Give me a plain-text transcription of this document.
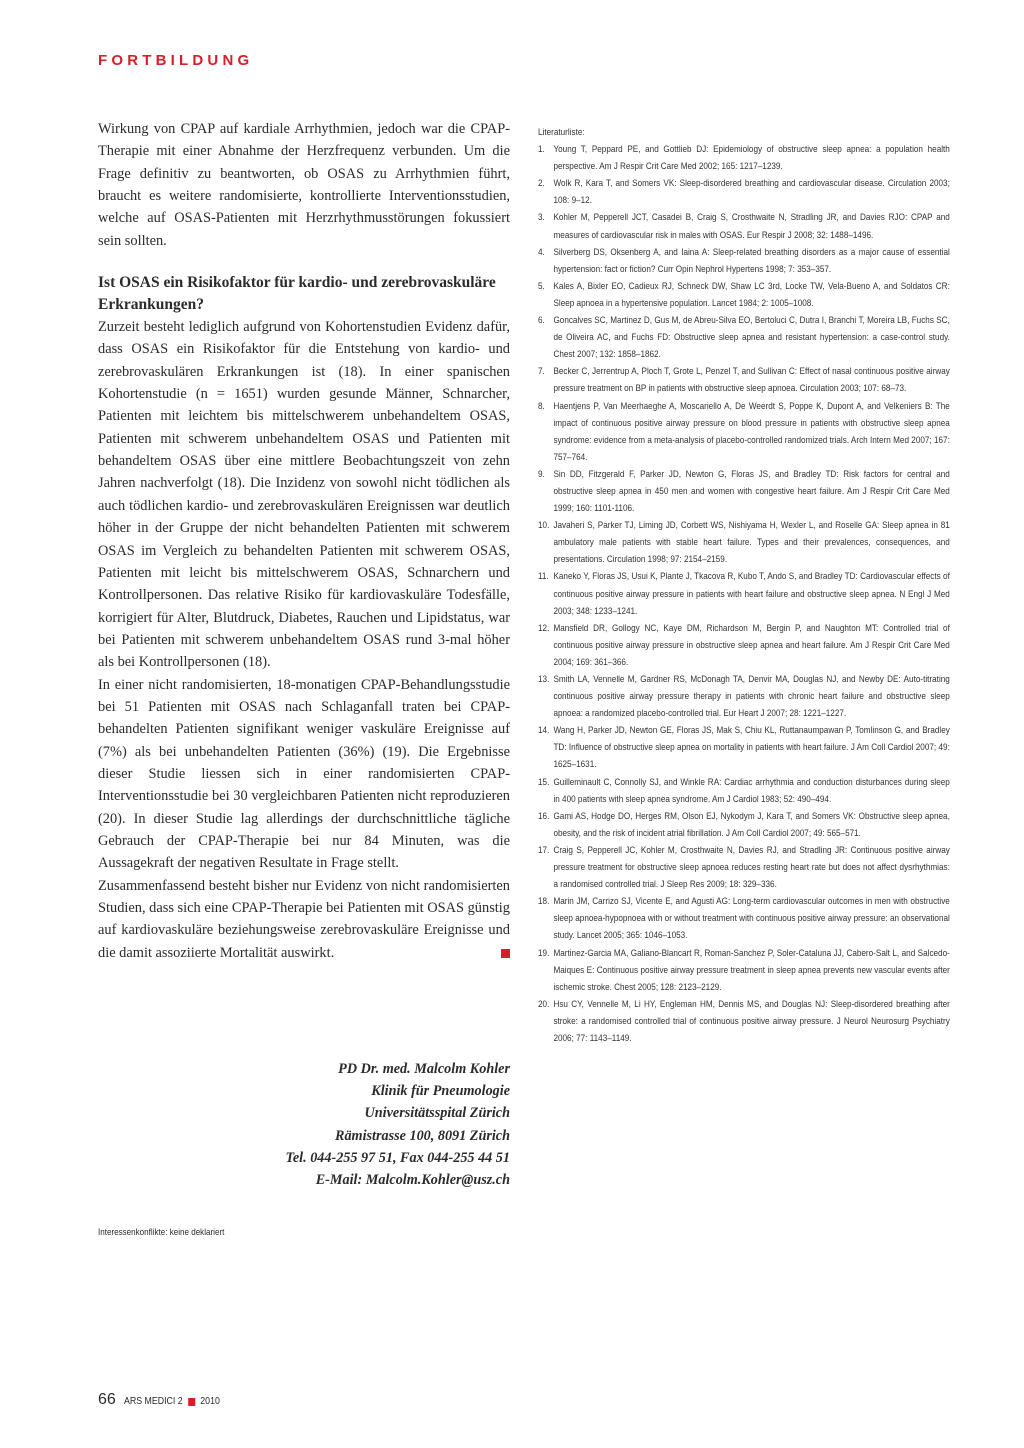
FORTBILDUNG

Wirkung von CPAP auf kardiale Arrhythmien, jedoch war die CPAP-Therapie mit einer Abnahme der Herzfrequenz verbunden. Um die Frage definitiv zu beantworten, ob OSAS zu Arrhythmien führt, braucht es weitere randomisierte, kontrollierte Interventionsstudien, welche auf OSAS-Patienten mit Herzrhythmusstörungen fokussiert sein sollten.

Ist OSAS ein Risikofaktor für kardio- und zerebrovaskuläre Erkrankungen?

Zurzeit besteht lediglich aufgrund von Kohortenstudien Evidenz dafür, dass OSAS ein Risikofaktor für die Entstehung von kardio- und zerebrovaskulären Erkrankungen ist (18). In einer spanischen Kohortenstudie (n = 1651) wurden gesunde Männer, Schnarcher, Patienten mit leichtem bis mittelschwerem unbehandeltem OSAS, Patienten mit schwerem unbehandeltem OSAS und Patienten mit behandeltem OSAS über eine mittlere Beobachtungszeit von zehn Jahren nachverfolgt (18). Die Inzidenz von sowohl nicht tödlichen als auch tödlichen kardio- und zerebrovaskulären Ereignissen war deutlich höher in der Gruppe der nicht behandelten Patienten mit schwerem OSAS im Vergleich zu behandelten Patienten mit schwerem OSAS, Patienten mit leicht bis mittelschwerem OSAS, Schnarchern und Kontrollpersonen. Das relative Risiko für kardiovaskuläre Todesfälle, korrigiert für Alter, Blutdruck, Diabetes, Rauchen und Lipidstatus, war bei Patienten mit schwerem unbehandeltem OSAS rund 3-mal höher als bei Kontrollpersonen (18).

In einer nicht randomisierten, 18-monatigen CPAP-Behandlungsstudie bei 51 Patienten mit OSAS nach Schlaganfall traten bei CPAP-behandelten Patienten signifikant weniger vaskuläre Ereignisse auf (7%) als bei unbehandelten Patienten (36%) (19). Die Ergebnisse dieser Studie liessen sich in einer randomisierten CPAP-Interventionsstudie bei 30 vergleichbaren Patienten nicht reproduzieren (20). In dieser Studie lag allerdings der durchschnittliche tägliche Gebrauch der CPAP-Therapie bei nur 84 Minuten, was die Aussagekraft der negativen Resultate in Frage stellt.

Zusammenfassend besteht bisher nur Evidenz von nicht randomisierten Studien, dass sich eine CPAP-Therapie bei Patienten mit OSAS günstig auf kardiovaskuläre beziehungsweise zerebrovaskuläre Ereignisse und die damit assoziierte Mortalität auswirkt.

PD Dr. med. Malcolm Kohler
Klinik für Pneumologie
Universitätsspital Zürich
Rämistrasse 100, 8091 Zürich
Tel. 044-255 97 51, Fax 044-255 44 51
E-Mail: Malcolm.Kohler@usz.ch
Interessenkonflikte: keine deklariert
Literaturliste:
1. Young T, Peppard PE, and Gottlieb DJ: Epidemiology of obstructive sleep apnea: a population health perspective. Am J Respir Crit Care Med 2002; 165: 1217–1239.
2. Wolk R, Kara T, and Somers VK: Sleep-disordered breathing and cardiovascular disease. Circulation 2003; 108: 9–12.
3. Kohler M, Pepperell JCT, Casadei B, Craig S, Crosthwaite N, Stradling JR, and Davies RJO: CPAP and measures of cardiovascular risk in males with OSAS. Eur Respir J 2008; 32: 1488–1496.
4. Silverberg DS, Oksenberg A, and Iaina A: Sleep-related breathing disorders as a major cause of essential hypertension: fact or fiction? Curr Opin Nephrol Hypertens 1998; 7: 353–357.
5. Kales A, Bixler EO, Cadieux RJ, Schneck DW, Shaw LC 3rd, Locke TW, Vela-Bueno A, and Soldatos CR: Sleep apnoea in a hypertensive population. Lancet 1984; 2: 1005–1008.
6. Goncalves SC, Martinez D, Gus M, de Abreu-Silva EO, Bertoluci C, Dutra I, Branchi T, Moreira LB, Fuchs SC, de Oliveira AC, and Fuchs FD: Obstructive sleep apnea and resistant hypertension: a case-control study. Chest 2007; 132: 1858–1862.
7. Becker C, Jerrentrup A, Ploch T, Grote L, Penzel T, and Sullivan C: Effect of nasal continuous positive airway pressure treatment on BP in patients with obstructive sleep apnoea. Circulation 2003; 107: 68–73.
8. Haentjens P, Van Meerhaeghe A, Moscariello A, De Weerdt S, Poppe K, Dupont A, and Velkeniers B: The impact of continuous positive airway pressure on blood pressure in patients with obstructive sleep apnea syndrome: evidence from a meta-analysis of placebo-controlled randomized trials. Arch Intern Med 2007; 167: 757–764.
9. Sin DD, Fitzgerald F, Parker JD, Newton G, Floras JS, and Bradley TD: Risk factors for central and obstructive sleep apnea in 450 men and women with congestive heart failure. Am J Respir Crit Care Med 1999; 160: 1101-1106.
10. Javaheri S, Parker TJ, Liming JD, Corbett WS, Nishiyama H, Wexler L, and Roselle GA: Sleep apnea in 81 ambulatory male patients with stable heart failure. Types and their prevalences, consequences, and presentations. Circulation 1998; 97: 2154–2159.
11. Kaneko Y, Floras JS, Usui K, Plante J, Tkacova R, Kubo T, Ando S, and Bradley TD: Cardiovascular effects of continuous positive airway pressure in patients with heart failure and obstructive sleep apnea. N Engl J Med 2003; 348: 1233–1241.
12. Mansfield DR, Gollogy NC, Kaye DM, Richardson M, Bergin P, and Naughton MT: Controlled trial of continuous positive airway pressure in obstructive sleep apnea and heart failure. Am J Respir Crit Care Med 2004; 169: 361–366.
13. Smith LA, Vennelle M, Gardner RS, McDonagh TA, Denvir MA, Douglas NJ, and Newby DE: Auto-titrating continuous positive airway pressure therapy in patients with chronic heart failure and obstructive sleep apnoea: a randomized placebo-controlled trial. Eur Heart J 2007; 28: 1221–1227.
14. Wang H, Parker JD, Newton GE, Floras JS, Mak S, Chiu KL, Ruttanaumpawan P, Tomlinson G, and Bradley TD: Influence of obstructive sleep apnea on mortality in patients with heart failure. J Am Coll Cardiol 2007; 49: 1625–1631.
15. Guilleminault C, Connolly SJ, and Winkle RA: Cardiac arrhythmia and conduction disturbances during sleep in 400 patients with sleep apnea syndrome. Am J Cardiol 1983; 52: 490–494.
16. Gami AS, Hodge DO, Herges RM, Olson EJ, Nykodym J, Kara T, and Somers VK: Obstructive sleep apnea, obesity, and the risk of incident atrial fibrillation. J Am Coll Cardiol 2007; 49: 565–571.
17. Craig S, Pepperell JC, Kohler M, Crosthwaite N, Davies RJ, and Stradling JR: Continuous positive airway pressure treatment for obstructive sleep apnoea reduces resting heart rate but does not affect dysrhythmias: a randomised controlled trial. J Sleep Res 2009; 18: 329–336.
18. Marin JM, Carrizo SJ, Vicente E, and Agusti AG: Long-term cardiovascular outcomes in men with obstructive sleep apnoea-hypopnoea with or without treatment with continuous positive airway pressure: an observational study. Lancet 2005; 365: 1046–1053.
19. Martinez-Garcia MA, Galiano-Blancart R, Roman-Sanchez P, Soler-Cataluna JJ, Cabero-Salt L, and Salcedo-Maiques E: Continuous positive airway pressure treatment in sleep apnea prevents new vascular events after ischemic stroke. Chest 2005; 128: 2123–2129.
20. Hsu CY, Vennelle M, Li HY, Engleman HM, Dennis MS, and Douglas NJ: Sleep-disordered breathing after stroke: a randomised controlled trial of continuous positive airway pressure. J Neurol Neurosurg Psychiatry 2006; 77: 1143–1149.
66 ARS MEDICI 2 2010
